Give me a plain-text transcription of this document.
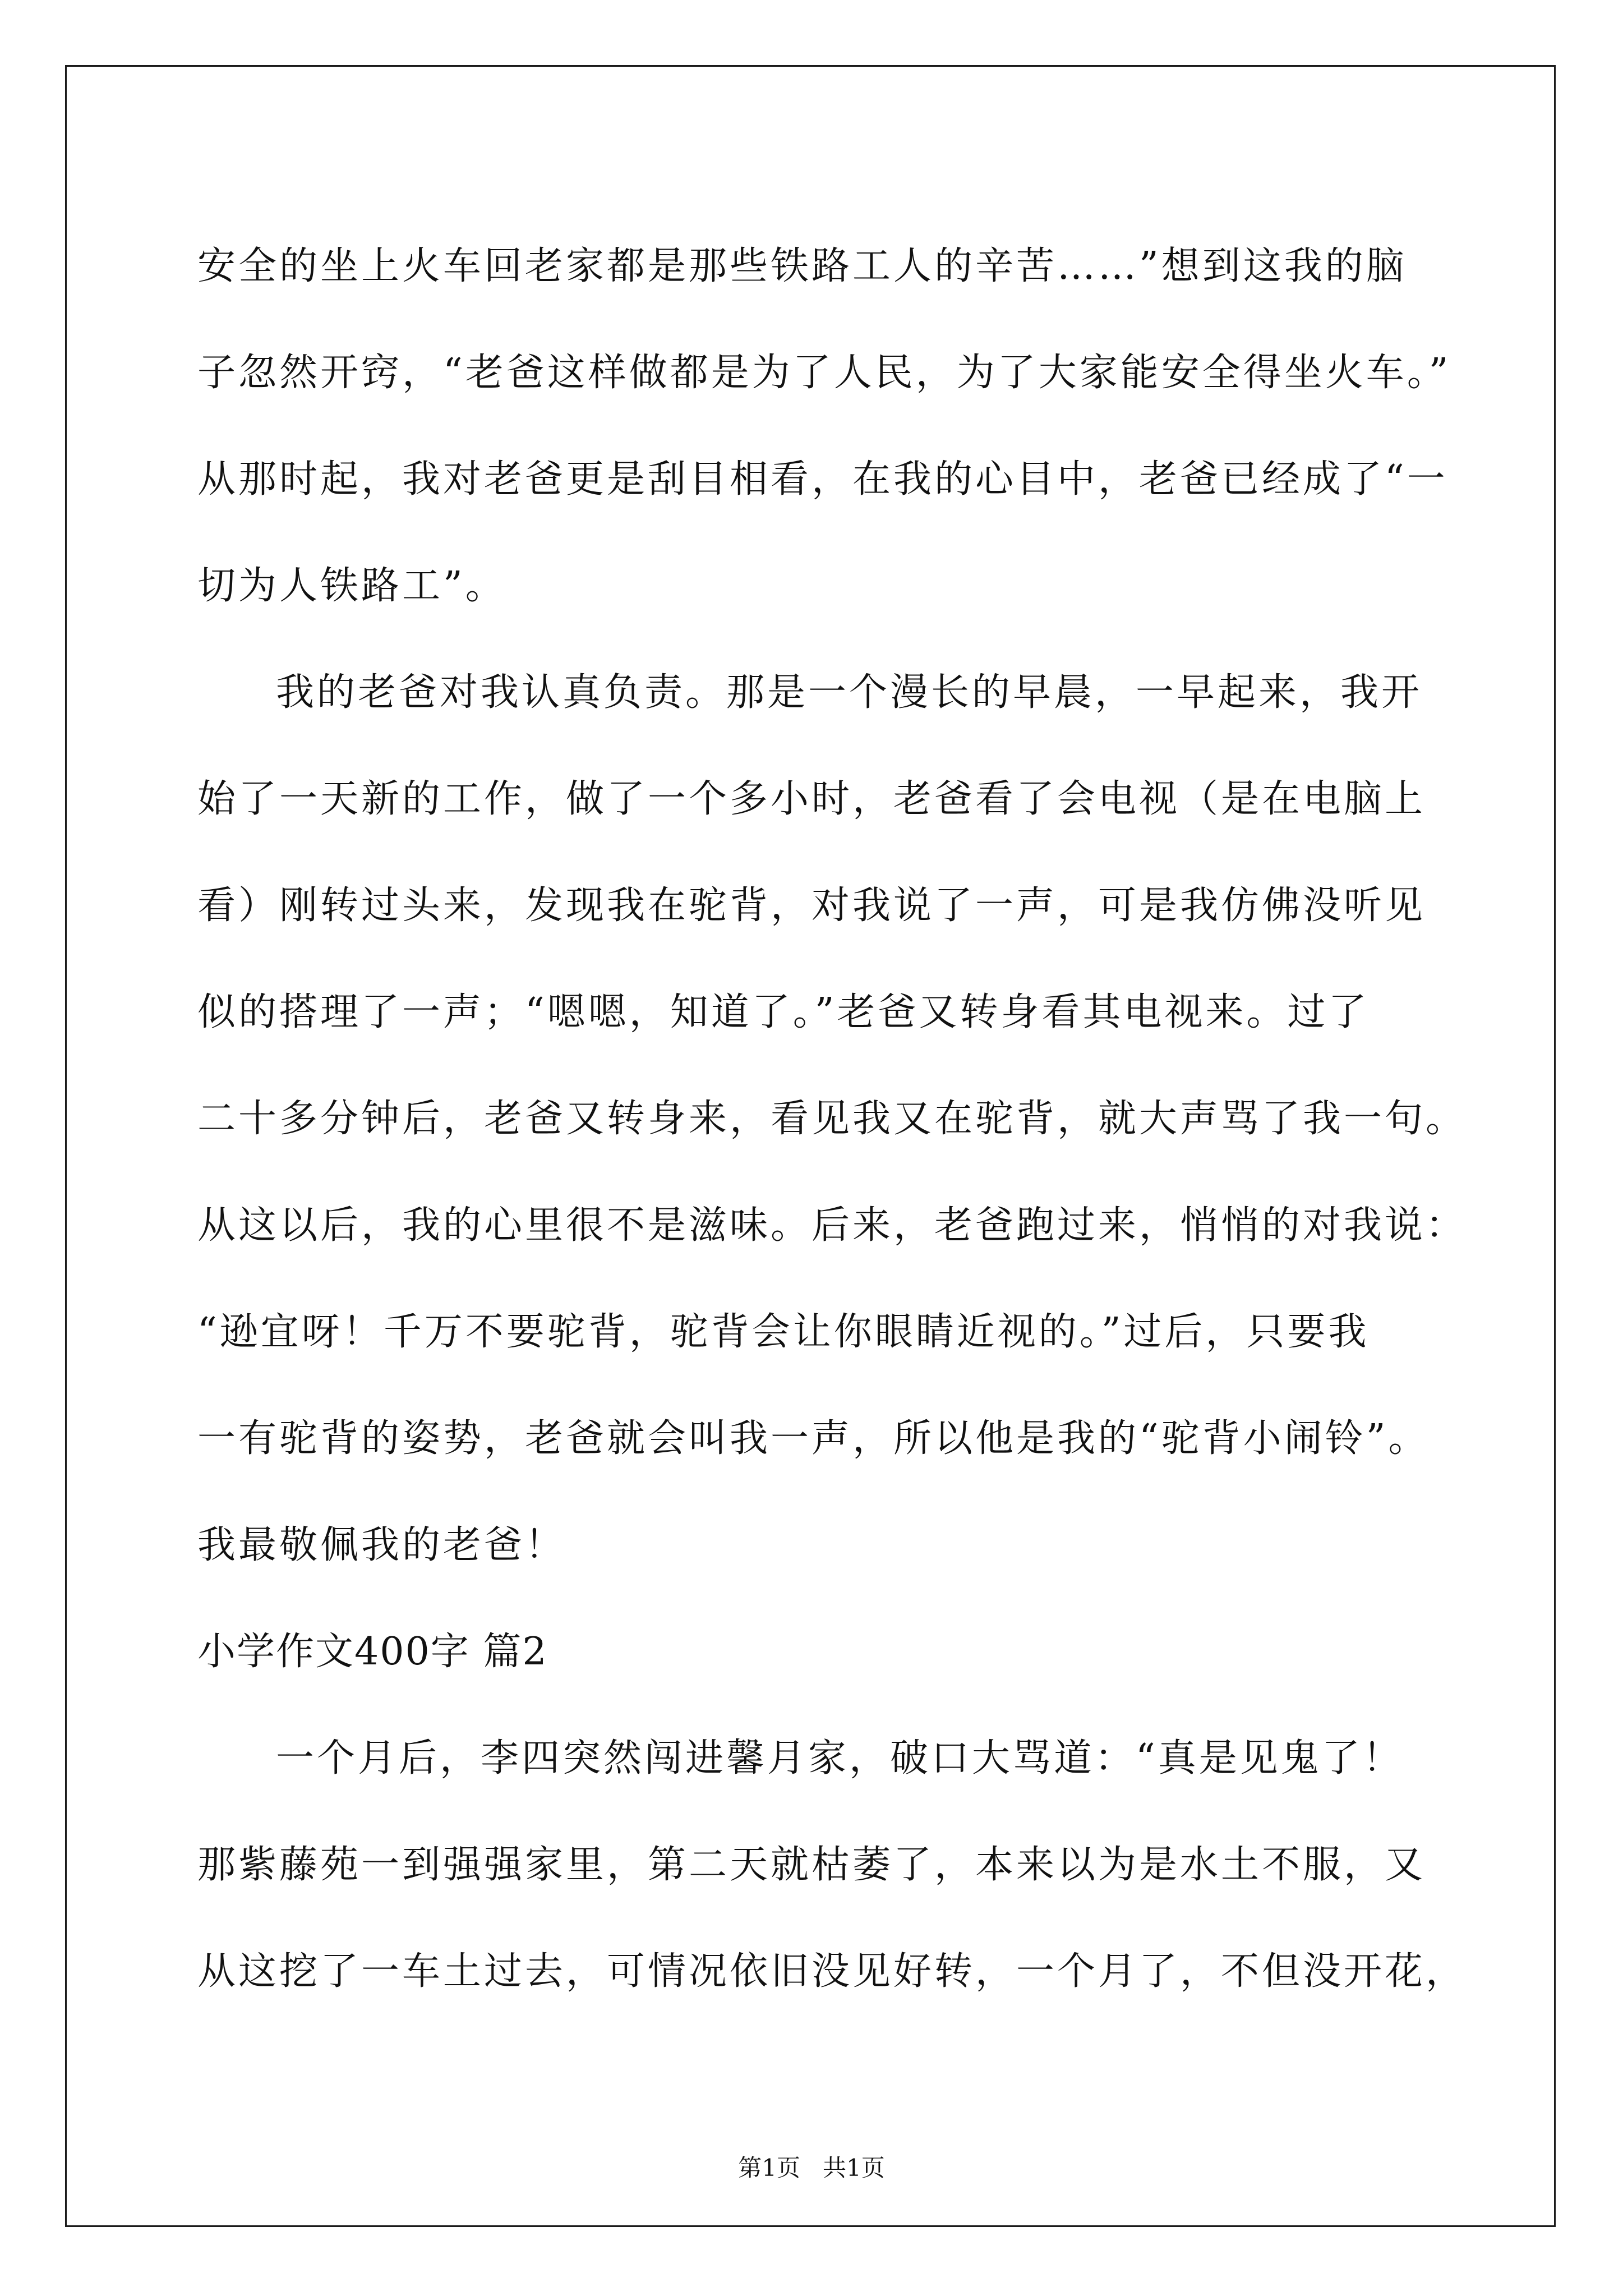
安全的坐上火车回老家都是那些铁路工人的辛苦……”想到这我的脑
子忽然开窍，“老爸这样做都是为了人民，为了大家能安全得坐火车。”
从那时起，我对老爸更是刮目相看，在我的心目中，老爸已经成了“一
切为人铁路工”。
我的老爸对我认真负责。那是一个漫长的早晨，一早起来，我开
始了一天新的工作，做了一个多小时，老爸看了会电视（是在电脑上
看）刚转过头来，发现我在驼背，对我说了一声，可是我仿佛没听见
似的搭理了一声；“嗯嗯，知道了。”老爸又转身看其电视来。过了
二十多分钟后，老爸又转身来，看见我又在驼背，就大声骂了我一句。
从这以后，我的心里很不是滋味。后来，老爸跑过来，悄悄的对我说：
“逊宜呀！千万不要驼背，驼背会让你眼睛近视的。”过后，只要我
一有驼背的姿势，老爸就会叫我一声，所以他是我的“驼背小闹铃”。
我最敬佩我的老爸！
小学作文400字 篇2
一个月后，李四突然闯进馨月家，破口大骂道：“真是见鬼了！
那紫藤苑一到强强家里，第二天就枯萎了，本来以为是水土不服，又
从这挖了一车土过去，可情况依旧没见好转，一个月了，不但没开花，
第1页   共1页
